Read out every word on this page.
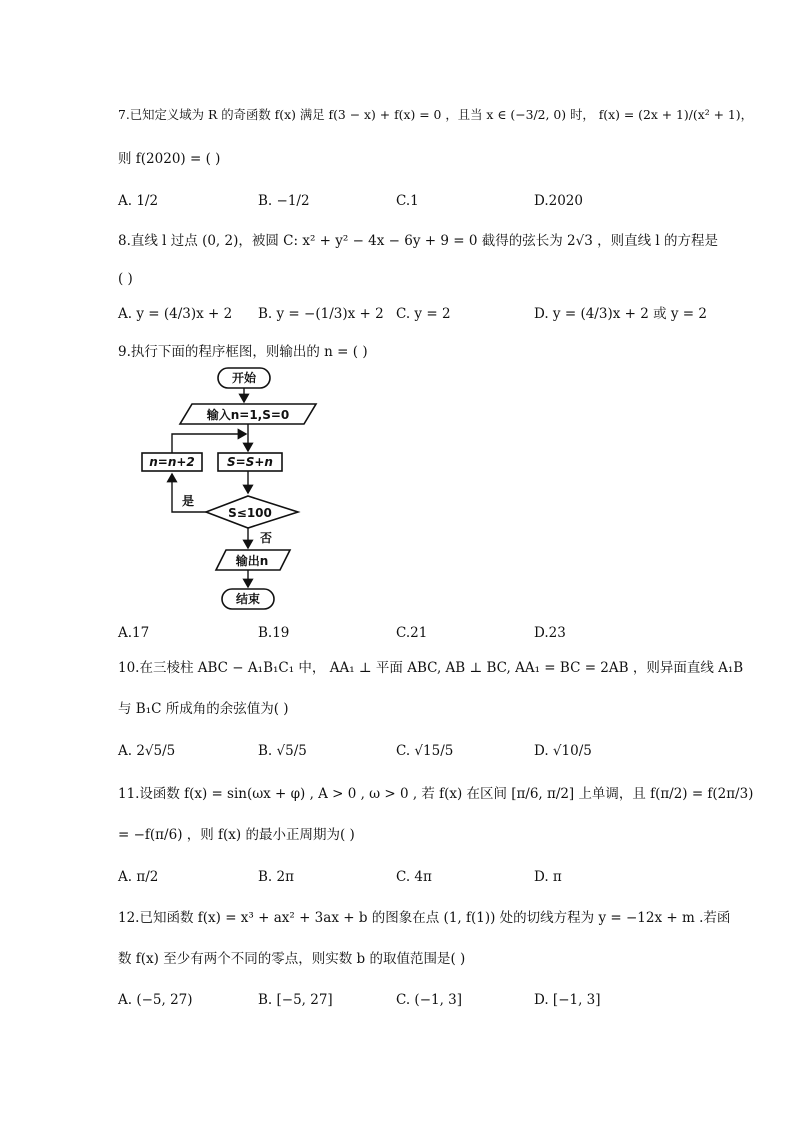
7.已知定义域为 R 的奇函数 f(x) 满足 f(3 − x) + f(x) = 0 ，且当 x ∈ (−3/2, 0) 时， f(x) = (2x + 1)/(x² + 1)，
则 f(2020) = ( )
A. 1/2	B. −1/2	C.1	D.2020
8.直线 l 过点 (0, 2)，被圆 C: x² + y² − 4x − 6y + 9 = 0 截得的弦长为 2√3 ，则直线 l 的方程是
( )
A. y = (4/3)x + 2 B. y = −(1/3)x + 2 C. y = 2	D. y = (4/3)x + 2 或 y = 2
9.执行下面的程序框图，则输出的 n = ( )
开始
输入n=1,S=0
n=n+2	S=S+n
S≤100
是
否
输出n
结束
A.17	B.19	C.21	D.23
10.在三棱柱 ABC − A₁B₁C₁ 中， AA₁ ⊥ 平面 ABC, AB ⊥ BC, AA₁ = BC = 2AB ，则异面直线 A₁B
与 B₁C 所成角的余弦值为( )
A. 2√5/5	B. √5/5	C. √15/5	D. √10/5
11.设函数 f(x) = sin(ωx + φ) , A > 0 , ω > 0 , 若 f(x) 在区间 [π/6, π/2] 上单调，且 f(π/2) = f(2π/3)
= −f(π/6) ，则 f(x) 的最小正周期为( )
A. π/2	B. 2π	C. 4π	D. π
12.已知函数 f(x) = x³ + ax² + 3ax + b 的图象在点 (1, f(1)) 处的切线方程为 y = −12x + m .若函
数 f(x) 至少有两个不同的零点，则实数 b 的取值范围是( )
A. (−5, 27)	B. [−5, 27]	C. (−1, 3]	D. [−1, 3]
